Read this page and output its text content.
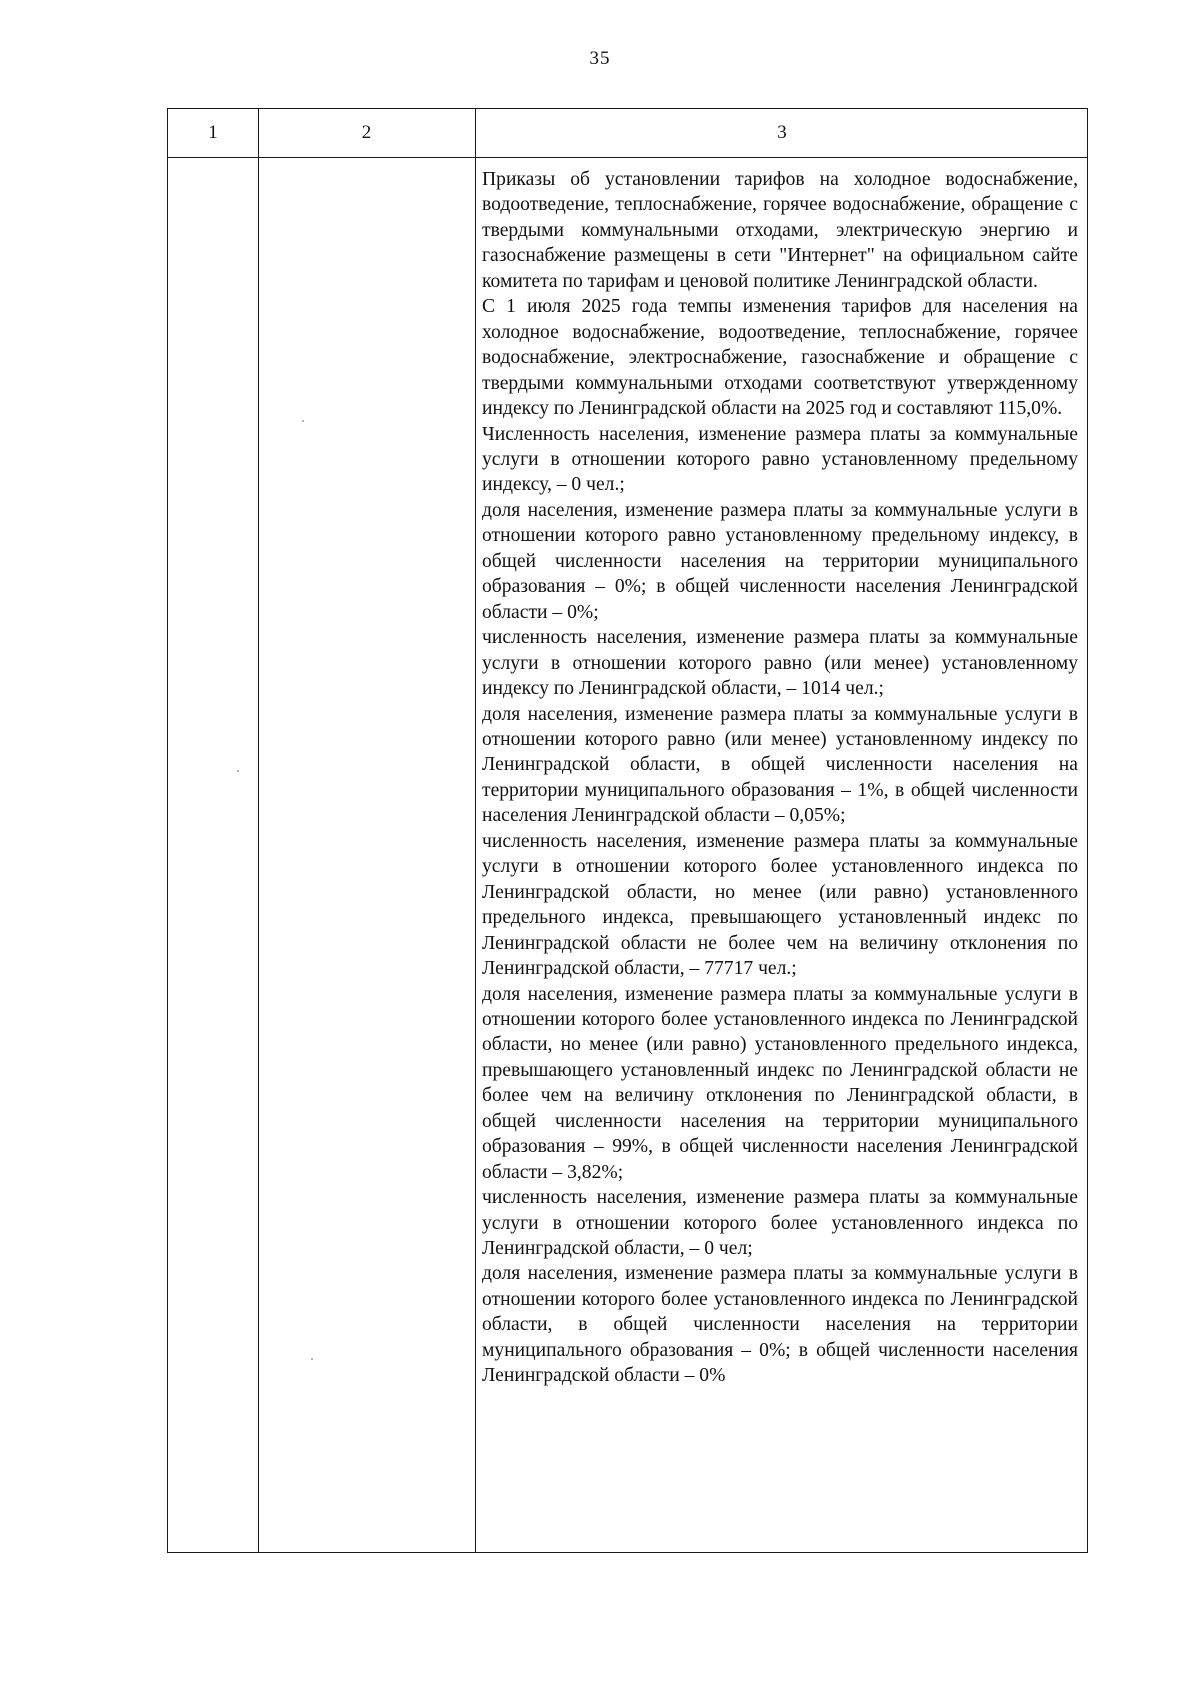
35
1	2	3

Приказы об установлении тарифов на холодное водоснабжение, водоотведение, теплоснабжение, горячее водоснабжение, обращение с твердыми коммунальными отходами, электрическую энергию и газоснабжение размещены в сети "Интернет" на официальном сайте комитета по тарифам и ценовой политике Ленинградской области.

С 1 июля 2025 года темпы изменения тарифов для населения на холодное водоснабжение, водоотведение, теплоснабжение, горячее водоснабжение, электроснабжение, газоснабжение и обращение с твердыми коммунальными отходами соответствуют утвержденному индексу по Ленинградской области на 2025 год и составляют 115,0%.

Численность населения, изменение размера платы за коммунальные услуги в отношении которого равно установленному предельному индексу, – 0 чел.;

доля населения, изменение размера платы за коммунальные услуги в отношении которого равно установленному предельному индексу, в общей численности населения на территории муниципального образования – 0%; в общей численности населения Ленинградской области – 0%;

численность населения, изменение размера платы за коммунальные услуги в отношении которого равно (или менее) установленному индексу по Ленинградской области, – 1014 чел.;

доля населения, изменение размера платы за коммунальные услуги в отношении которого равно (или менее) установленному индексу по Ленинградской области, в общей численности населения на территории муниципального образования – 1%, в общей численности населения Ленинградской области – 0,05%;

численность населения, изменение размера платы за коммунальные услуги в отношении которого более установленного индекса по Ленинградской области, но менее (или равно) установленного предельного индекса, превышающего установленный индекс по Ленинградской области не более чем на величину отклонения по Ленинградской области, – 77717 чел.;

доля населения, изменение размера платы за коммунальные услуги в отношении которого более установленного индекса по Ленинградской области, но менее (или равно) установленного предельного индекса, превышающего установленный индекс по Ленинградской области не более чем на величину отклонения по Ленинградской области, в общей численности населения на территории муниципального образования – 99%, в общей численности населения Ленинградской области – 3,82%;

численность населения, изменение размера платы за коммунальные услуги в отношении которого более установленного индекса по Ленинградской области, – 0 чел;

доля населения, изменение размера платы за коммунальные услуги в отношении которого более установленного индекса по Ленинградской области, в общей численности населения на территории муниципального образования – 0%; в общей численности населения Ленинградской области – 0%
